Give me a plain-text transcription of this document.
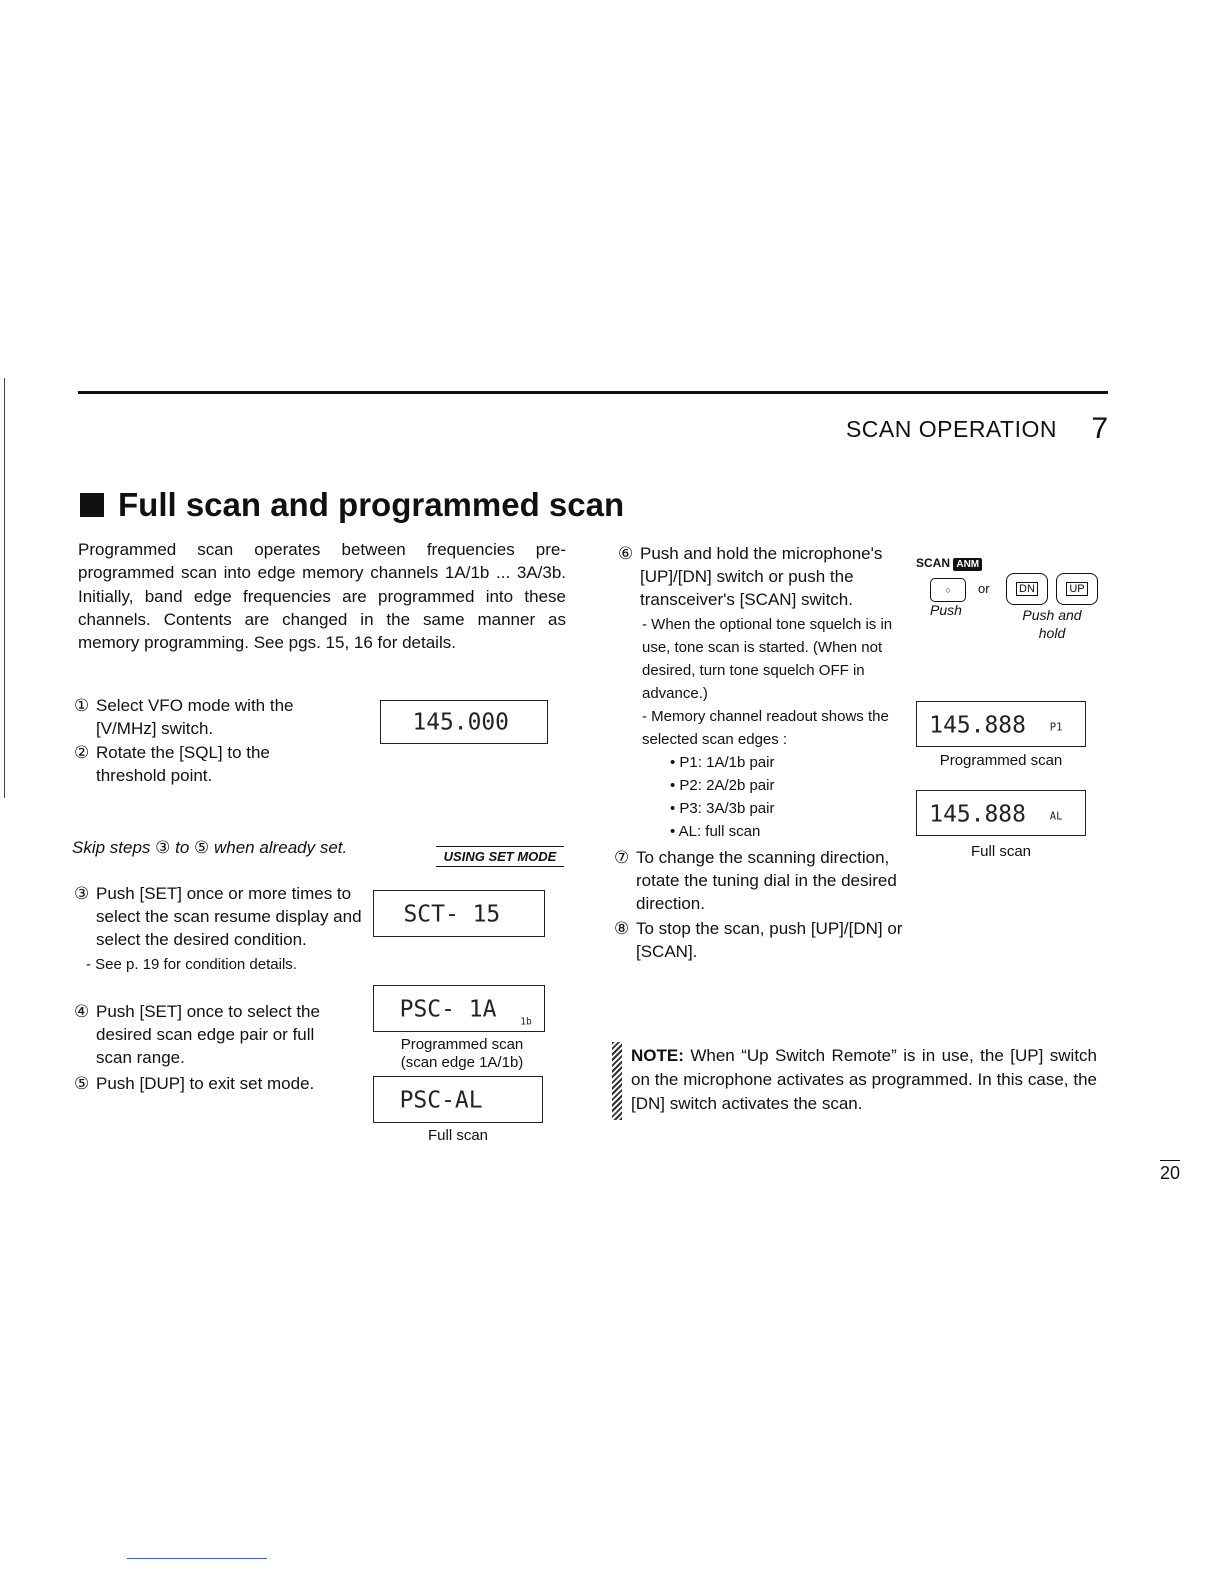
SCAN OPERATION 7
Full scan and programmed scan
Programmed scan operates between frequencies pre-programmed scan into edge memory channels 1A/1b ... 3A/3b. Initially, band edge frequencies are programmed into these channels. Contents are changed in the same manner as memory programming. See pgs. 15, 16 for details.
① Select VFO mode with the [V/MHz] switch.
② Rotate the [SQL] to the threshold point.
145.000
Skip steps ③ to ⑤ when already set.	USING SET MODE
③ Push [SET] once or more times to select the scan resume display and select the desired condition.
- See p. 19 for condition details.
④ Push [SET] once to select the desired scan edge pair or full scan range.
⑤ Push [DUP] to exit set mode.
SCT- 15
PSC- 1A 1b
Programmed scan
(scan edge 1A/1b)
PSC-AL
Full scan
⑥ Push and hold the microphone's [UP]/[DN] switch or push the transceiver's [SCAN] switch.
- When the optional tone squelch is in use, tone scan is started. (When not desired, turn tone squelch OFF in advance.)
- Memory channel readout shows the selected scan edges :
• P1: 1A/1b pair
• P2: 2A/2b pair
• P3: 3A/3b pair
• AL: full scan
⑦ To change the scanning direction, rotate the tuning dial in the desired direction.
⑧ To stop the scan, push [UP]/[DN] or [SCAN].
SCAN ANM
○	or	DN	UP
Push	Push and
hold
145.888 P1
Programmed scan
145.888 AL
Full scan
NOTE: When “Up Switch Remote” is in use, the [UP] switch on the microphone activates as programmed. In this case, the [DN] switch activates the scan.
20
